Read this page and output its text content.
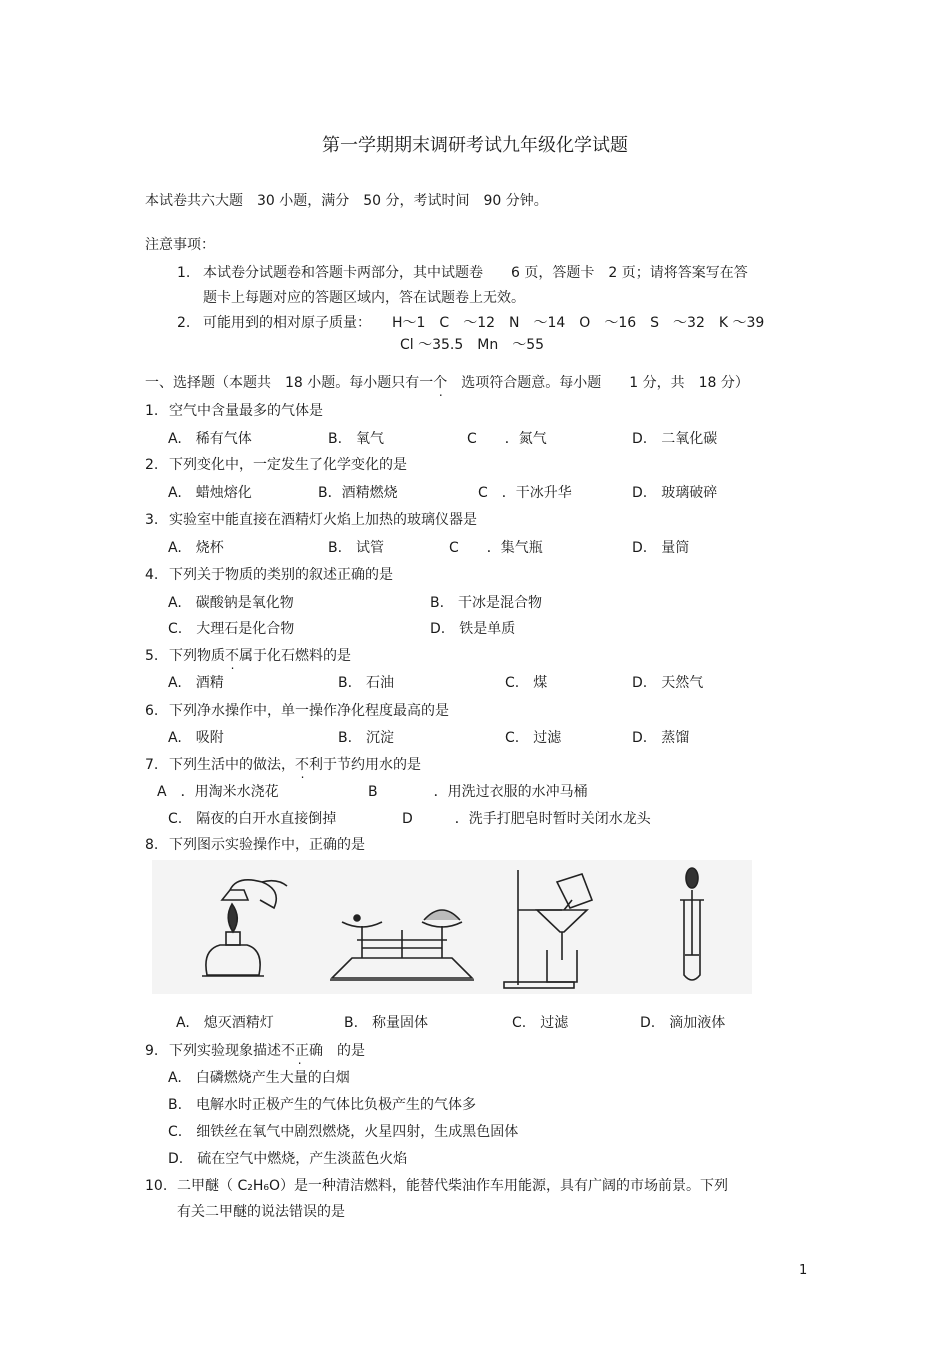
第一学期期末调研考试九年级化学试题
本试卷共六大题　30 小题，满分　50 分，考试时间　90 分钟。
注意事项：
1. 本试卷分试题卷和答题卡两部分，其中试题卷　　6 页，答题卡　2 页；请将答案写在答
题卡上每题对应的答题区域内，答在试题卷上无效。
2. 可能用到的相对原子质量：　　H～1　C　～12　N　～14　O　～16　S　～32　K ～39
Cl ～35.5　Mn　～55
一、选择题（本题共　18 小题。每小题只有一个　选项符合题意。每小题　　1 分，共　18 分）
1. 空气中含量最多的气体是
A.　稀有气体	B.　氧气	C　　．氮气	D.　二氧化碳
2. 下列变化中，一定发生了化学变化的是
A.　蜡烛熔化	B．酒精燃烧	C　．干冰升华	D.　玻璃破碎
3. 实验室中能直接在酒精灯火焰上加热的玻璃仪器是
A.　烧杯	B.　试管	C　　．集气瓶	D.　量筒
4. 下列关于物质的类别的叙述正确的是
A.　碳酸钠是氧化物	B.　干冰是混合物
C.　大理石是化合物	D.　铁是单质
5. 下列物质不属于化石燃料的是
A.　酒精	B.　石油	C.　煤	D.　天然气
6. 下列净水操作中，单一操作净化程度最高的是
A.　吸附	B.　沉淀	C.　过滤	D.　蒸馏
7. 下列生活中的做法，不利于节约用水的是
A　．用淘米水浇花	B　　　　．用洗过衣服的水冲马桶
C.　隔夜的白开水直接倒掉	D　　　．洗手打肥皂时暂时关闭水龙头
8. 下列图示实验操作中，正确的是
A.　熄灭酒精灯	B.　称量固体	C.　过滤	D.　滴加液体
9. 下列实验现象描述不正确　 的是
A.　白磷燃烧产生大量的白烟
B.　电解水时正极产生的气体比负极产生的气体多
C.　细铁丝在氧气中剧烈燃烧，火星四射，生成黑色固体
D.　硫在空气中燃烧，产生淡蓝色火焰
10. 二甲醚（ C₂H₆O）是一种清洁燃料，能替代柴油作车用能源，具有广阔的市场前景。下列
有关二甲醚的说法错误的是
1
